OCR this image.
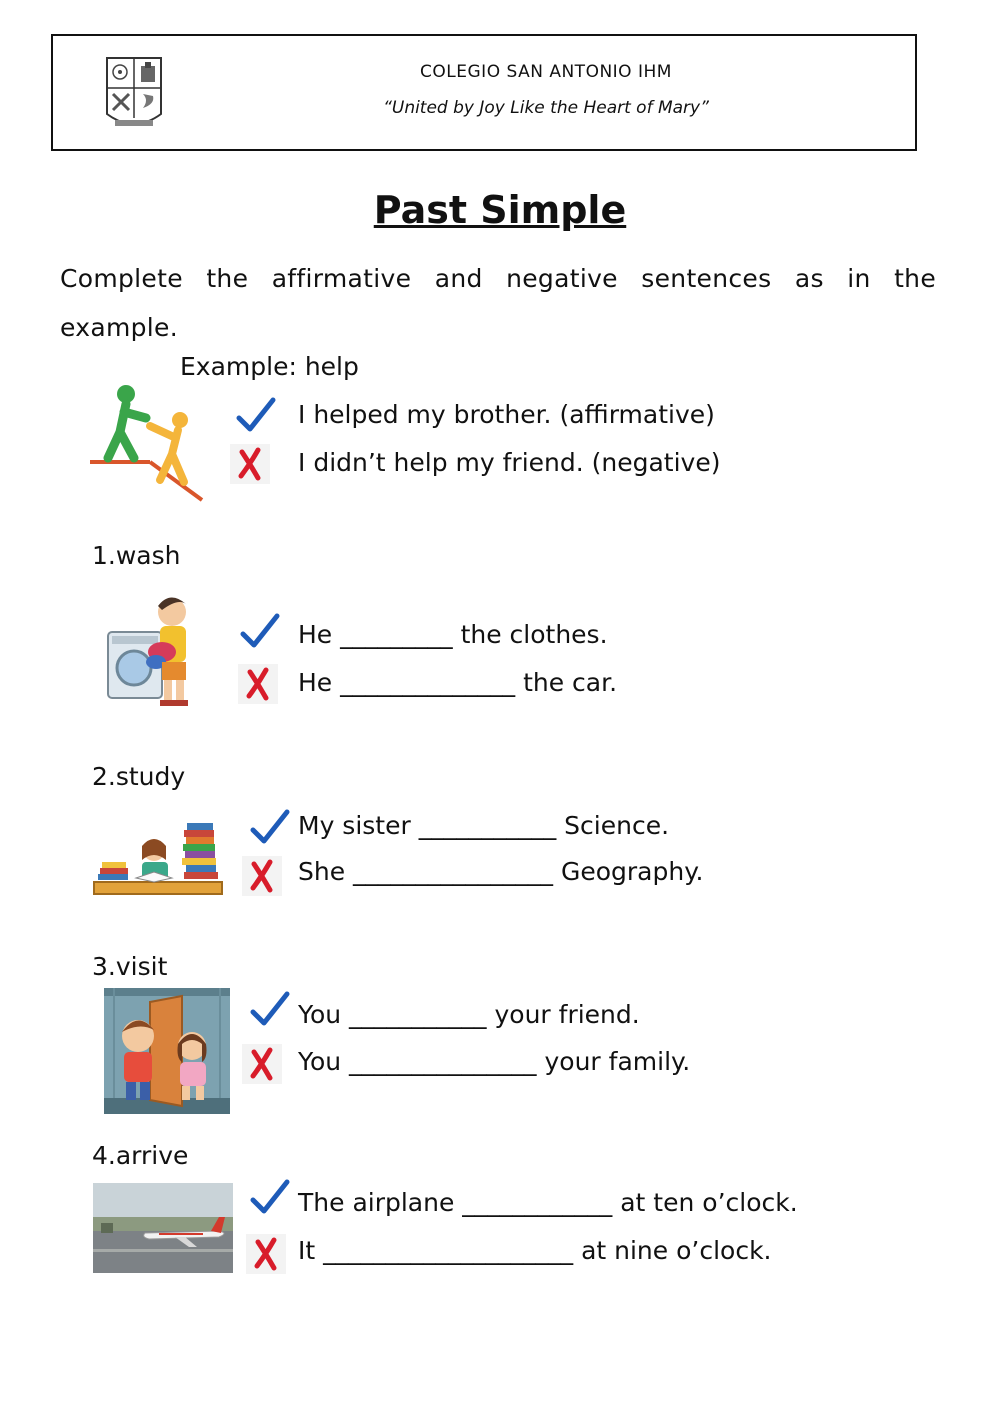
COLEGIO SAN ANTONIO IHM
“United by Joy Like the Heart of Mary”
Past Simple
Complete the affirmative and negative sentences as in the example.
Example: help
I helped my brother. (affirmative)
I didn’t help my friend. (negative)
1.wash
He _________ the clothes.
He ______________ the car.
2.study
My sister ___________ Science.
She ________________ Geography.
3.visit
You ___________ your friend.
You _______________ your family.
4.arrive
The airplane ____________ at ten o’clock.
It ____________________ at nine o’clock.
